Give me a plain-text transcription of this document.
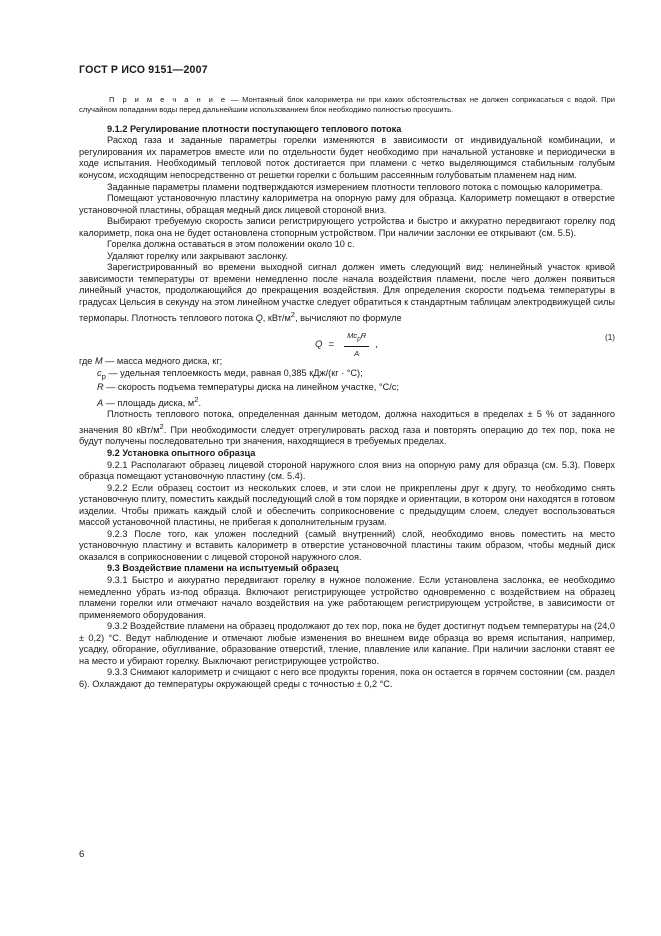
ГОСТ Р ИСО 9151—2007

П р и м е ч а н и е — Монтажный блок калориметра ни при каких обстоятельствах не должен соприкасаться с водой. При случайном попадании воды перед дальнейшим использованием блок необходимо полностью просушить.

9.1.2 Регулирование плотности поступающего теплового потока

Расход газа и заданные параметры горелки изменяются в зависимости от индивидуальной комбинации, и регулирования их параметров вместе или по отдельности будет необходимо при начальной установке и периодически в ходе испытания. Необходимый тепловой поток достигается при пламени с четко выделяющимся стабильным голубым конусом, исходящим непосредственно от решетки горелки с большим рассеянным голубоватым пламенем над ним.

Заданные параметры пламени подтверждаются измерением плотности теплового потока с помощью калориметра.

Помещают установочную пластину калориметра на опорную раму для образца. Калориметр помещают в отверстие установочной пластины, обращая медный диск лицевой стороной вниз.

Выбирают требуемую скорость записи регистрирующего устройства и быстро и аккуратно передвигают горелку под калориметр, пока она не будет остановлена стопорным устройством. При наличии заслонки ее открывают (см. 5.5).

Горелка должна оставаться в этом положении около 10 с.

Удаляют горелку или закрывают заслонку.

Зарегистрированный во времени выходной сигнал должен иметь следующий вид: нелинейный участок кривой зависимости температуры от времени немедленно после начала воздействия пламени, после чего должен появиться линейный участок, продолжающийся до прекращения воздействия. Для определения скорости подъема температуры в градусах Цельсия в секунду на этом линейном участке следует обратиться к стандартным таблицам электродвижущей силы термопары. Плотность теплового потока Q, кВт/$м^2$, вычисляют по формуле

$Q = \frac{Mc_pR}{A}$ ,
(1)

где M — масса медного диска, кг;

$c_p$ — удельная теплоемкость меди, равная 0,385 кДж/(кг · °С);

R — скорость подъема температуры диска на линейном участке, °С/с;

A — площадь диска, $м^2$.

Плотность теплового потока, определенная данным методом, должна находиться в пределах ± 5 % от заданного значения 80 кВт/$м^2$. При необходимости следует отрегулировать расход газа и повторять операцию до тех пор, пока не будут получены последовательно три значения, находящиеся в требуемых пределах.

9.2 Установка опытного образца

9.2.1 Располагают образец лицевой стороной наружного слоя вниз на опорную раму для образца (см. 5.3). Поверх образца помещают установочную пластину (см. 5.4).

9.2.2 Если образец состоит из нескольких слоев, и эти слои не прикреплены друг к другу, то необходимо снять установочную плиту, поместить каждый последующий слой в том порядке и ориентации, в котором они находятся в готовом изделии. Чтобы прижать каждый слой и обеспечить соприкосновение с предыдущим слоем, следует воспользоваться массой установочной пластины, не прибегая к дополнительным грузам.

9.2.3 После того, как уложен последний (самый внутренний) слой, необходимо вновь поместить на место установочную пластину и вставить калориметр в отверстие установочной пластины таким образом, чтобы медный диск оказался в соприкосновении с лицевой стороной наружного слоя.

9.3 Воздействие пламени на испытуемый образец

9.3.1 Быстро и аккуратно передвигают горелку в нужное положение. Если установлена заслонка, ее необходимо немедленно убрать из-под образца. Включают регистрирующее устройство одновременно с воздействием на образец пламени горелки или отмечают начало воздействия на уже работающем регистрирующем устройстве, в зависимости от применяемого оборудования.

9.3.2 Воздействие пламени на образец продолжают до тех пор, пока не будет достигнут подъем температуры на (24,0 ± 0,2) °С. Ведут наблюдение и отмечают любые изменения во внешнем виде образца во время испытания, например, усадку, обгорание, обугливание, образование отверстий, тление, плавление или капание. При наличии заслонки ставят ее на место и убирают горелку. Выключают регистрирующее устройство.

9.3.3 Снимают калориметр и счищают с него все продукты горения, пока он остается в горячем состоянии (см. раздел 6). Охлаждают до температуры окружающей среды с точностью ± 0,2 °С.

6
